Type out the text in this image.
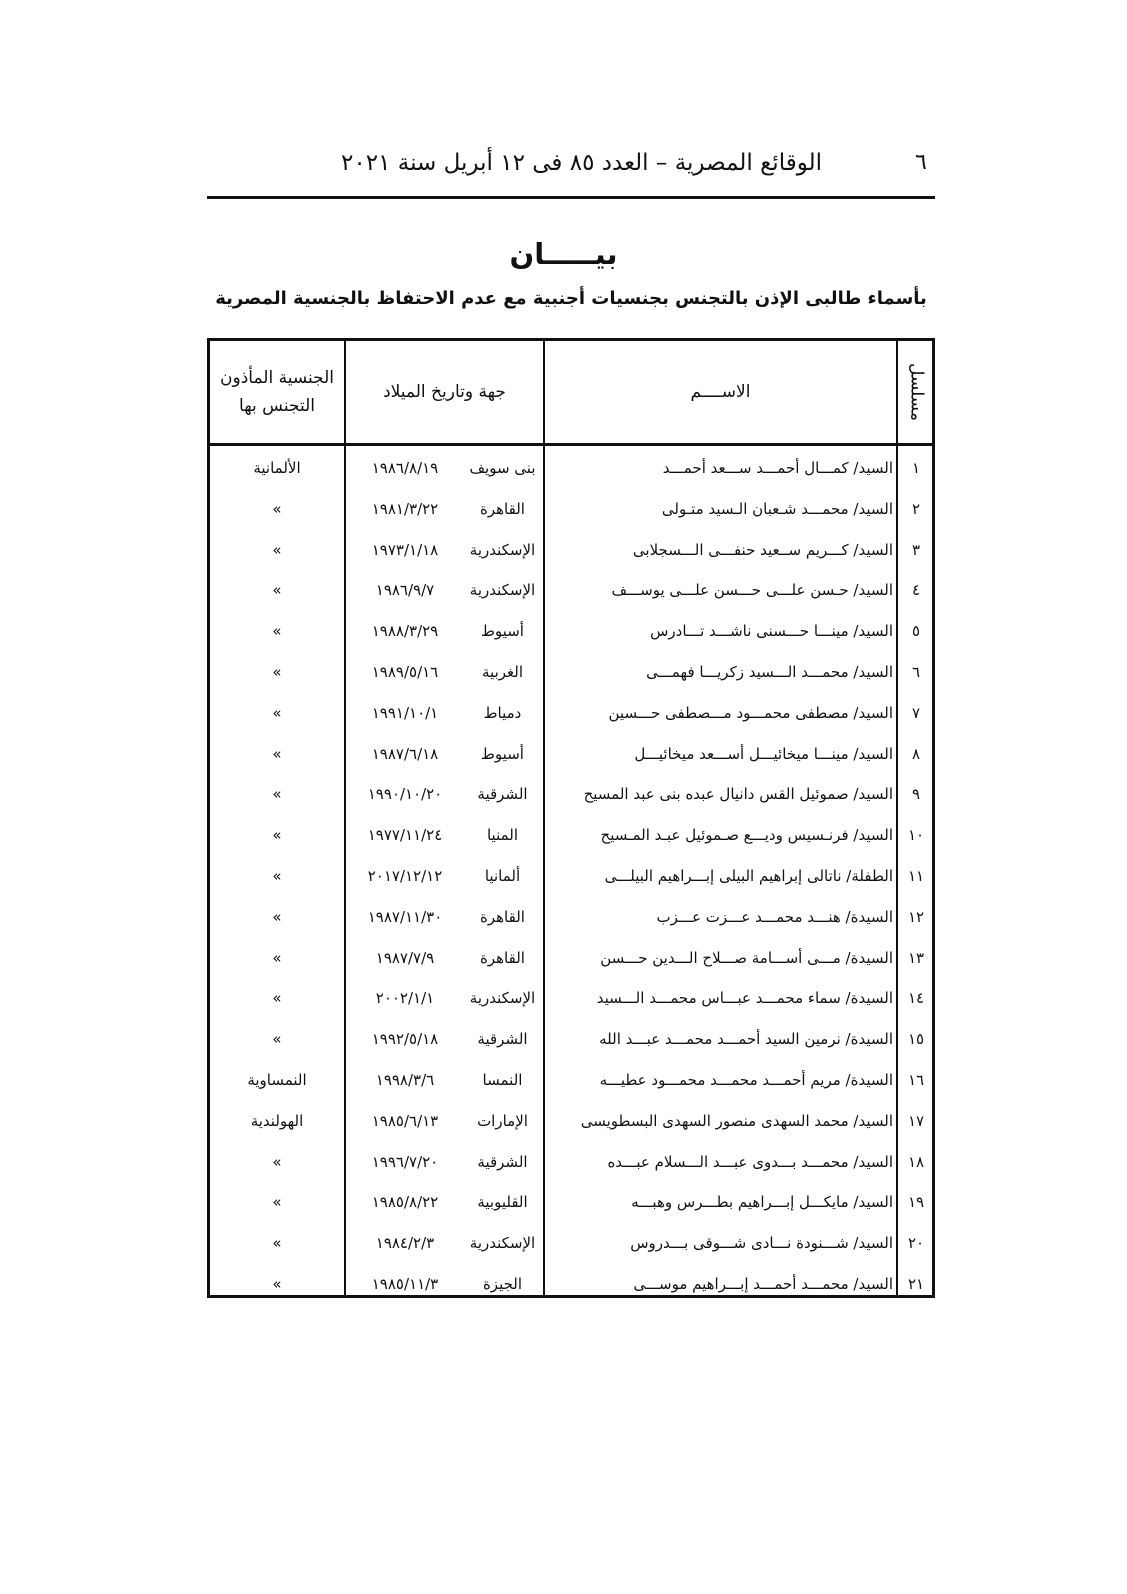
٦
الوقائع المصرية – العدد ٨٥ فى ١٢ أبريل سنة ٢٠٢١
بيـــــان
بأسماء طالبى الإذن بالتجنس بجنسيات أجنبية مع عدم الاحتفاظ بالجنسية المصرية
الجنسية المأذون التجنس بها
جهة وتاريخ الميلاد	الاســــم	مسلسل
١
السيد/ كمـــال أحمـــد ســـعد أحمـــد
بنى سويف
١٩٨٦/٨/١٩
الألمانية
٢
السيد/ محمـــد شـعبان الـسيد متـولى
القاهرة
١٩٨١/٣/٢٢
»
٣
السيد/ كـــريم ســعيد حنفـــى الـــسجلابى
الإسكندرية
١٩٧٣/١/١٨
»
٤
السيد/ حـسن علـــى حـــسن علـــى يوســـف
الإسكندرية
١٩٨٦/٩/٧
»
٥
السيد/ مينـــا حـــسنى ناشـــد تـــادرس
أسيوط
١٩٨٨/٣/٢٩
»
٦
السيد/ محمـــد الـــسيد زكريـــا فهمـــى
الغربية
١٩٨٩/٥/١٦
»
٧
السيد/ مصطفى محمـــود مـــصطفى حـــسين
دمياط
١٩٩١/١٠/١
»
٨
السيد/ مينـــا ميخائيـــل أســـعد ميخائيـــل
أسيوط
١٩٨٧/٦/١٨
»
٩
السيد/ صموئيل القس دانيال عبده بنى عبد المسيح
الشرقية
١٩٩٠/١٠/٢٠
»
١٠
السيد/ فرنـسيس وديـــع صـموئيل عبـد المـسيح
المنيا
١٩٧٧/١١/٢٤
»
١١
الطفلة/ ناتالى إبراهيم البيلى إبـــراهيم البيلـــى
ألمانيا
٢٠١٧/١٢/١٢
»
١٢
السيدة/ هنـــد محمـــد عـــزت عـــزب
القاهرة
١٩٨٧/١١/٣٠
»
١٣
السيدة/ مـــى أســـامة صـــلاح الـــدين حـــسن
القاهرة
١٩٨٧/٧/٩
»
١٤
السيدة/ سماء محمـــد عبـــاس محمـــد الـــسيد
الإسكندرية
٢٠٠٢/١/١
»
١٥
السيدة/ نرمين السيد أحمـــد محمـــد عبـــد الله
الشرقية
١٩٩٢/٥/١٨
»
١٦
السيدة/ مريم أحمـــد محمـــد محمـــود عطيـــه
النمسا
١٩٩٨/٣/٦
النمساوية
١٧
السيد/ محمد السهدى منصور السهدى البسطويسى
الإمارات
١٩٨٥/٦/١٣
الهولندية
١٨
السيد/ محمـــد بـــدوى عبـــد الـــسلام عبـــده
الشرقية
١٩٩٦/٧/٢٠
»
١٩
السيد/ مايكـــل إبـــراهيم بطـــرس وهبـــه
القليوبية
١٩٨٥/٨/٢٢
»
٢٠
السيد/ شـــنودة نـــادى شـــوقى بـــدروس
الإسكندرية
١٩٨٤/٢/٣
»
٢١
السيد/ محمـــد أحمـــد إبـــراهيم موســـى
الجيزة
١٩٨٥/١١/٣
»
